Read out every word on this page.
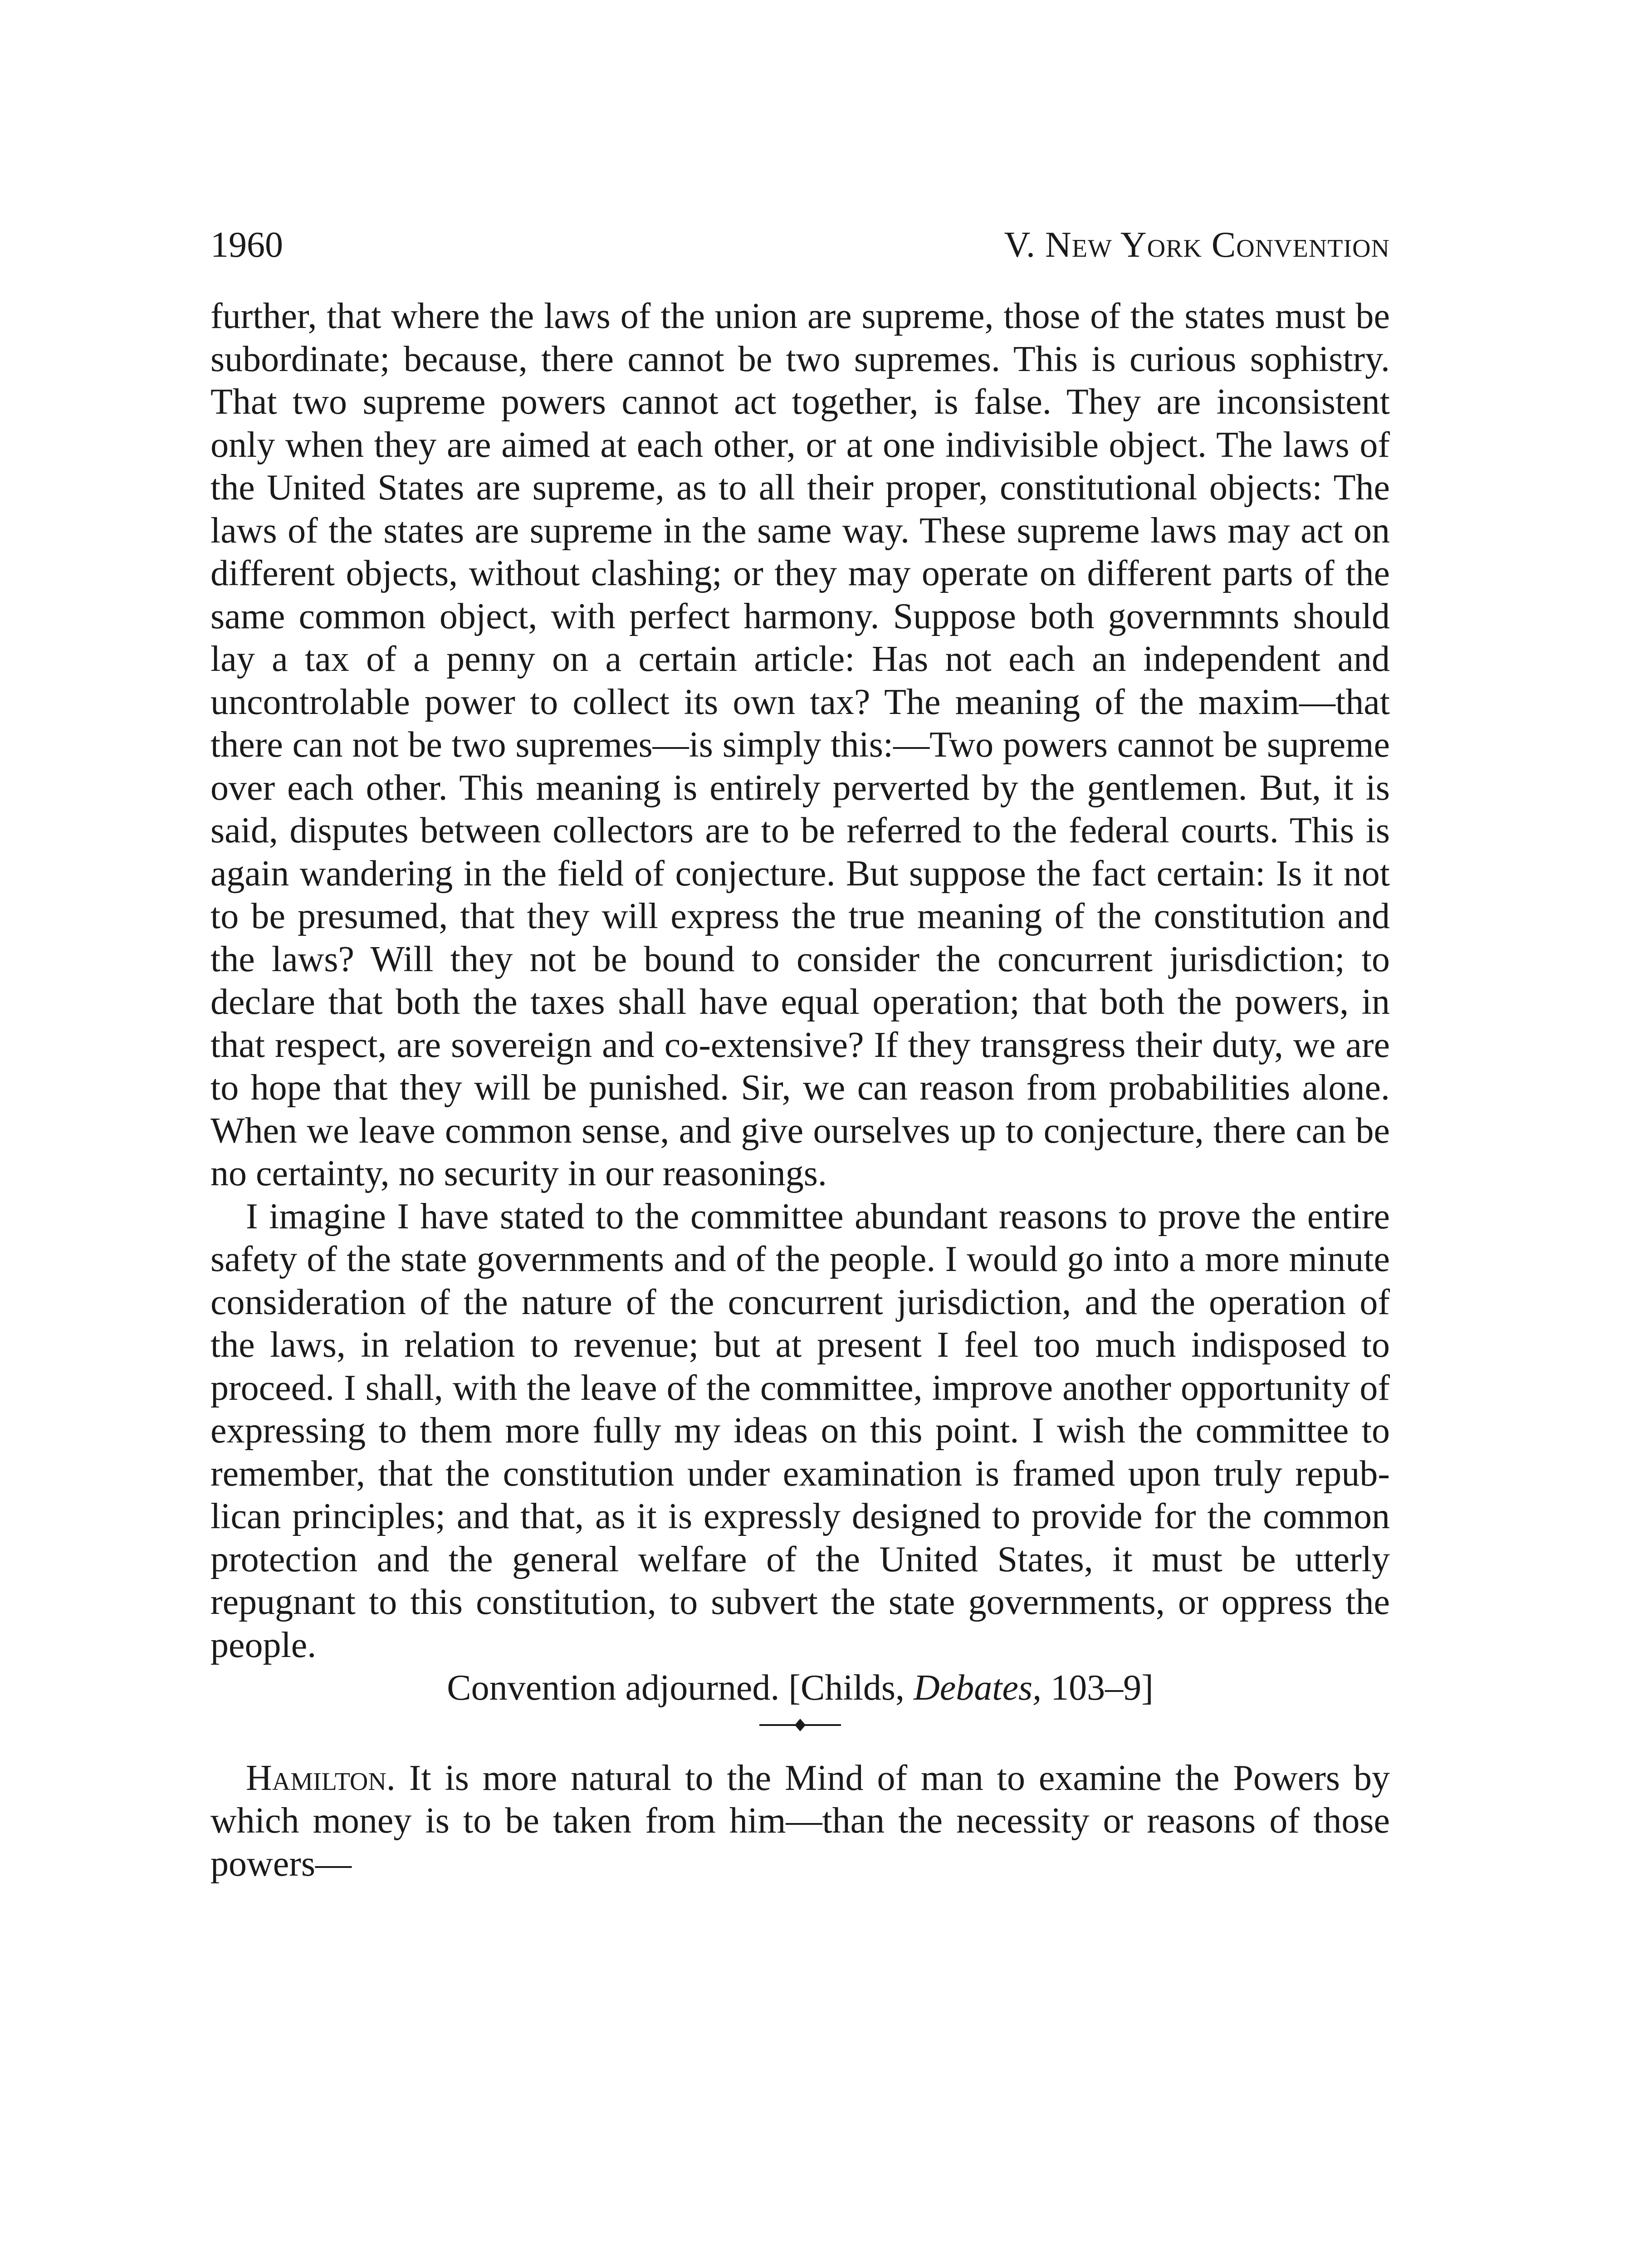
1960	V. New York Convention

further, that where the laws of the union are supreme, those of the states must be subordinate; because, there cannot be two supremes. This is curious sophistry. That two supreme powers cannot act together, is false. They are inconsistent only when they are aimed at each other, or at one indivisible object. The laws of the United States are supreme, as to all their proper, constitutional objects: The laws of the states are supreme in the same way. These supreme laws may act on different objects, without clashing; or they may operate on different parts of the same common object, with perfect harmony. Suppose both governmnts should lay a tax of a penny on a certain article: Has not each an independent and uncontrolable power to collect its own tax? The meaning of the maxim—that there can not be two supremes—is simply this:—Two powers cannot be supreme over each other. This meaning is entirely perverted by the gentlemen. But, it is said, disputes between collectors are to be referred to the federal courts. This is again wandering in the field of conjecture. But suppose the fact certain: Is it not to be presumed, that they will express the true meaning of the constitution and the laws? Will they not be bound to consider the concurrent jurisdiction; to declare that both the taxes shall have equal operation; that both the powers, in that respect, are sovereign and co-extensive? If they transgress their duty, we are to hope that they will be punished. Sir, we can reason from probabilities alone. When we leave common sense, and give ourselves up to conjecture, there can be no certainty, no security in our reasonings.

I imagine I have stated to the committee abundant reasons to prove the entire safety of the state governments and of the people. I would go into a more minute consideration of the nature of the concurrent jurisdiction, and the operation of the laws, in relation to revenue; but at present I feel too much indisposed to proceed. I shall, with the leave of the committee, improve another opportunity of expressing to them more fully my ideas on this point. I wish the committee to remember, that the constitution under examination is framed upon truly republican principles; and that, as it is expressly designed to provide for the common protection and the general welfare of the United States, it must be utterly repugnant to this constitution, to subvert the state governments, or oppress the people.

Convention adjourned. [Childs, Debates, 103–9]

Hamilton. It is more natural to the Mind of man to examine the Powers by which money is to be taken from him—than the necessity or reasons of those powers—
